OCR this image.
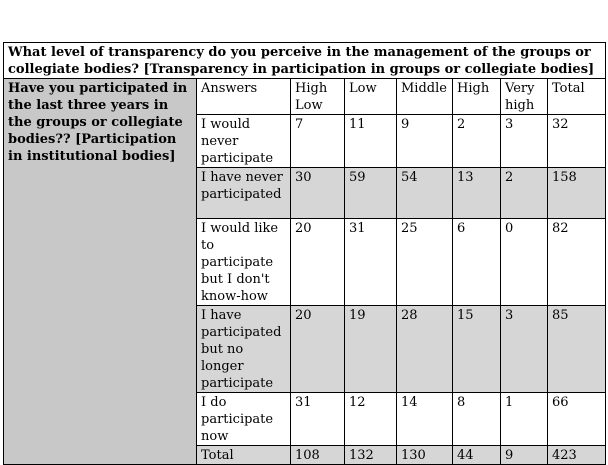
What level of transparency do you perceive in the management of the groups or collegiate bodies? [Transparency in participation in groups or collegiate bodies]							
Have you participated in the last three years in the groups or collegiate bodies?? [Participation in institutional bodies]	Answers	High Low	Low	Middle	High	Very high	Total
	I would never participate	7	11	9	2	3	32
	I have never participated	30	59	54	13	2	158
	I would like to participate but I don't know-how	20	31	25	6	0	82
	I have participated but no longer participate	20	19	28	15	3	85
	I do participate now	31	12	14	8	1	66
	Total	108	132	130	44	9	423
